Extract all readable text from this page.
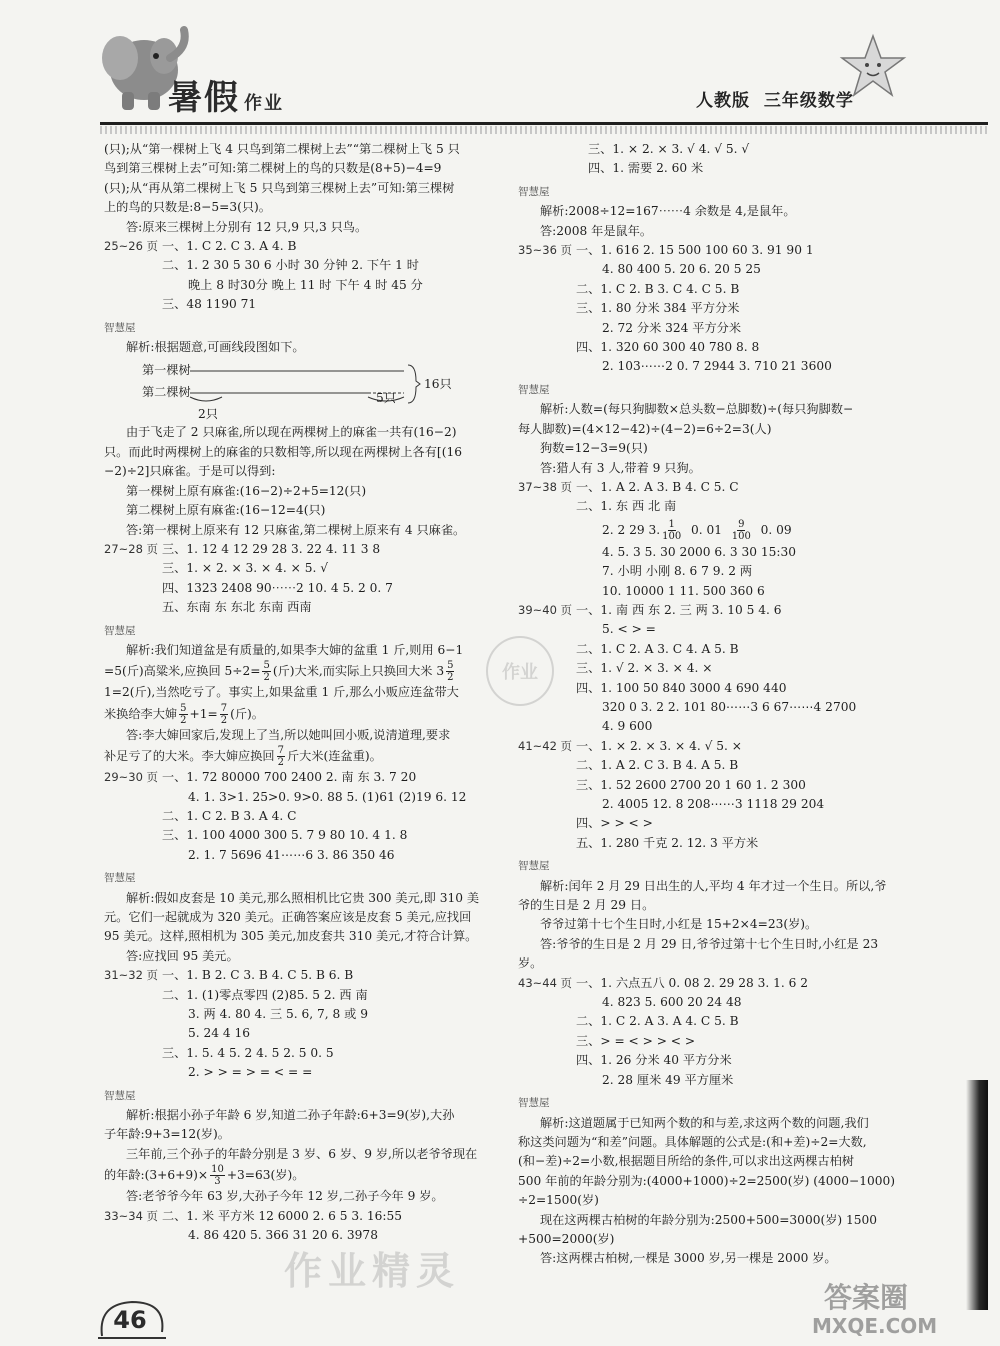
暑假 作业	人教版 三年级数学

(只);从“第一棵树上飞 4 只鸟到第二棵树上去”“第二棵树上飞 5 只

鸟到第三棵树上去”可知:第二棵树上的鸟的只数是(8+5)−4=9

(只);从“再从第二棵树上飞 5 只鸟到第三棵树上去”可知:第三棵树

上的鸟的只数是:8−5=3(只)。

答:原来三棵树上分别有 12 只,9 只,3 只鸟。

25~26 页 一、1. C 2. C 3. A 4. B

二、1. 2 30 5 30 6 小时 30 分钟 2. 下午 1 时

晚上 8 时30分 晚上 11 时 下午 4 时 45 分

三、48 1190 71

智慧屋

解析:根据题意,可画线段图如下。

第一棵树
第二棵树	5只
2只
16只

由于飞走了 2 只麻雀,所以现在两棵树上的麻雀一共有(16−2)

只。而此时两棵树上的麻雀的只数相等,所以现在两棵树上各有[(16

−2)÷2]只麻雀。于是可以得到:

第一棵树上原有麻雀:(16−2)÷2+5=12(只)

第二棵树上原有麻雀:(16−12=4(只)

答:第一棵树上原来有 12 只麻雀,第二棵树上原来有 4 只麻雀。

27~28 页 三、1. 12 4 12 29 28 3. 22 4. 11 3 8

三、1. × 2. × 3. × 4. × 5. √

四、1323 2408 90⋯⋯2 10. 4 5. 2 0. 7

五、东南 东 东北 东南 西南

智慧屋

解析:我们知道盆是有质量的,如果李大婶的盆重 1 斤,则用 6−1

=5(斤)高粱米,应换回 $5\div 2= \frac{5}{2}$ (斤)大米,而实际上只换回大米 $3 \frac{5}{2}$

1=2(斤),当然吃亏了。事实上,如果盆重 1 斤,那么小贩应连盆带大

米换给李大婶 $\frac{5}{2} +1= \frac{7}{2}$ (斤)。

答:李大婶回家后,发现上了当,所以她叫回小贩,说清道理,要求

补足亏了的大米。李大婶应换回 $\frac{7}{2}$ 斤大米(连盆重)。

29~30 页 一、1. 72 80000 700 2400 2. 南 东 3. 7 20

4. 1. 3>1. 25>0. 9>0. 88 5. (1)61 (2)19 6. 12

二、1. C 2. B 3. A 4. C

三、1. 100 4000 300 5. 7 9 80 10. 4 1. 8

2. 1. 7 5696 41⋯⋯6 3. 86 350 46

智慧屋

解析:假如皮套是 10 美元,那么照相机比它贵 300 美元,即 310 美

元。它们一起就成为 320 美元。正确答案应该是皮套 5 美元,应找回

95 美元。这样,照相机为 305 美元,加皮套共 310 美元,才符合计算。

答:应找回 95 美元。

31~32 页 一、1. B 2. C 3. B 4. C 5. B 6. B

二、1. (1)零点零四 (2)85. 5 2. 西 南

3. 两 4. 80 4. 三 5. 6, 7, 8 或 9

5. 24 4 16

三、1. 5. 4 5. 2 4. 5 2. 5 0. 5

2. > > = > = < = =

智慧屋

解析:根据小孙子年龄 6 岁,知道二孙子年龄:6+3=9(岁),大孙

子年龄:9+3=12(岁)。

三年前,三个孙子的年龄分别是 3 岁、6 岁、9 岁,所以老爷爷现在

的年龄:(3+6+9)× $\frac{10}{3} +3=63$(岁)。

答:老爷爷今年 63 岁,大孙子今年 12 岁,二孙子今年 9 岁。

33~34 页 二、1. 米 平方米 12 6000 2. 6 5 3. 16:55

4. 86 420 5. 366 31 20 6. 3978

三、1. × 2. × 3. √ 4. √ 5. √

四、1. 需要 2. 60 米

智慧屋

解析:2008÷12=167⋯⋯4 余数是 4,是鼠年。

答:2008 年是鼠年。

35~36 页 一、1. 616 2. 15 500 100 60 3. 91 90 1

4. 80 400 5. 20 6. 20 5 25

二、1. C 2. B 3. C 4. C 5. B

三、1. 80 分米 384 平方分米

2. 72 分米 324 平方分米

四、1. 320 60 300 40 780 8. 8

2. 103⋯⋯2 0. 7 2944 3. 710 21 3600

智慧屋

解析:人数=(每只狗脚数×总头数−总脚数)÷(每只狗脚数−

每人脚数)=(4×12−42)÷(4−2)=6÷2=3(人)

狗数=12−3=9(只)

答:猎人有 3 人,带着 9 只狗。

37~38 页 一、1. A 2. A 3. B 4. C 5. C

二、1. 东 西 北 南

2. 2 29 3. $\frac{1}{100} 0$. $01 \frac{9}{100} 0$. 09

4. 5. 3 5. 30 2000 6. 3 30 15:30

7. 小明 小刚 8. 6 7 9. 2 两

10. 10000 1 11. 500 360 6

39~40 页 一、1. 南 西 东 2. 三 两 3. 10 5 4. 6

5. < > =

二、1. C 2. A 3. C 4. A 5. B

三、1. √ 2. × 3. × 4. ×

四、1. 100 50 840 3000 4 690 440

320 0 3. 2 2. 101 80⋯⋯3 6 67⋯⋯4 2700

4. 9 600

41~42 页 一、1. × 2. × 3. × 4. √ 5. ×

二、1. A 2. C 3. B 4. A 5. B

三、1. 52 2600 2700 20 1 60 1. 2 300

2. 4005 12. 8 208⋯⋯3 1118 29 204

四、> > < >

五、1. 280 千克 2. 12. 3 平方米

智慧屋

解析:闰年 2 月 29 日出生的人,平均 4 年才过一个生日。所以,爷

爷的生日是 2 月 29 日。

爷爷过第十七个生日时,小红是 15+2×4=23(岁)。

答:爷爷的生日是 2 月 29 日,爷爷过第十七个生日时,小红是 23

岁。

43~44 页 一、1. 六点五八 0. 08 2. 29 28 3. 1. 6 2

4. 823 5. 600 20 24 48

二、1. C 2. A 3. A 4. C 5. B

三、> = < > > < >

四、1. 26 分米 40 平方分米

2. 28 厘米 49 平方厘米

智慧屋

解析:这道题属于已知两个数的和与差,求这两个数的问题,我们

称这类问题为“和差”问题。具体解题的公式是:(和+差)÷2=大数,

(和−差)÷2=小数,根据题目所给的条件,可以求出这两棵古柏树

500 年前的年龄分别为:(4000+1000)÷2=2500(岁) (4000−1000)

÷2=1500(岁)

现在这两棵古柏树的年龄分别为:2500+500=3000(岁) 1500

+500=2000(岁)

答:这两棵古柏树,一棵是 3000 岁,另一棵是 2000 岁。

作业
作业精灵
答案圈
MXQE.COM
46
